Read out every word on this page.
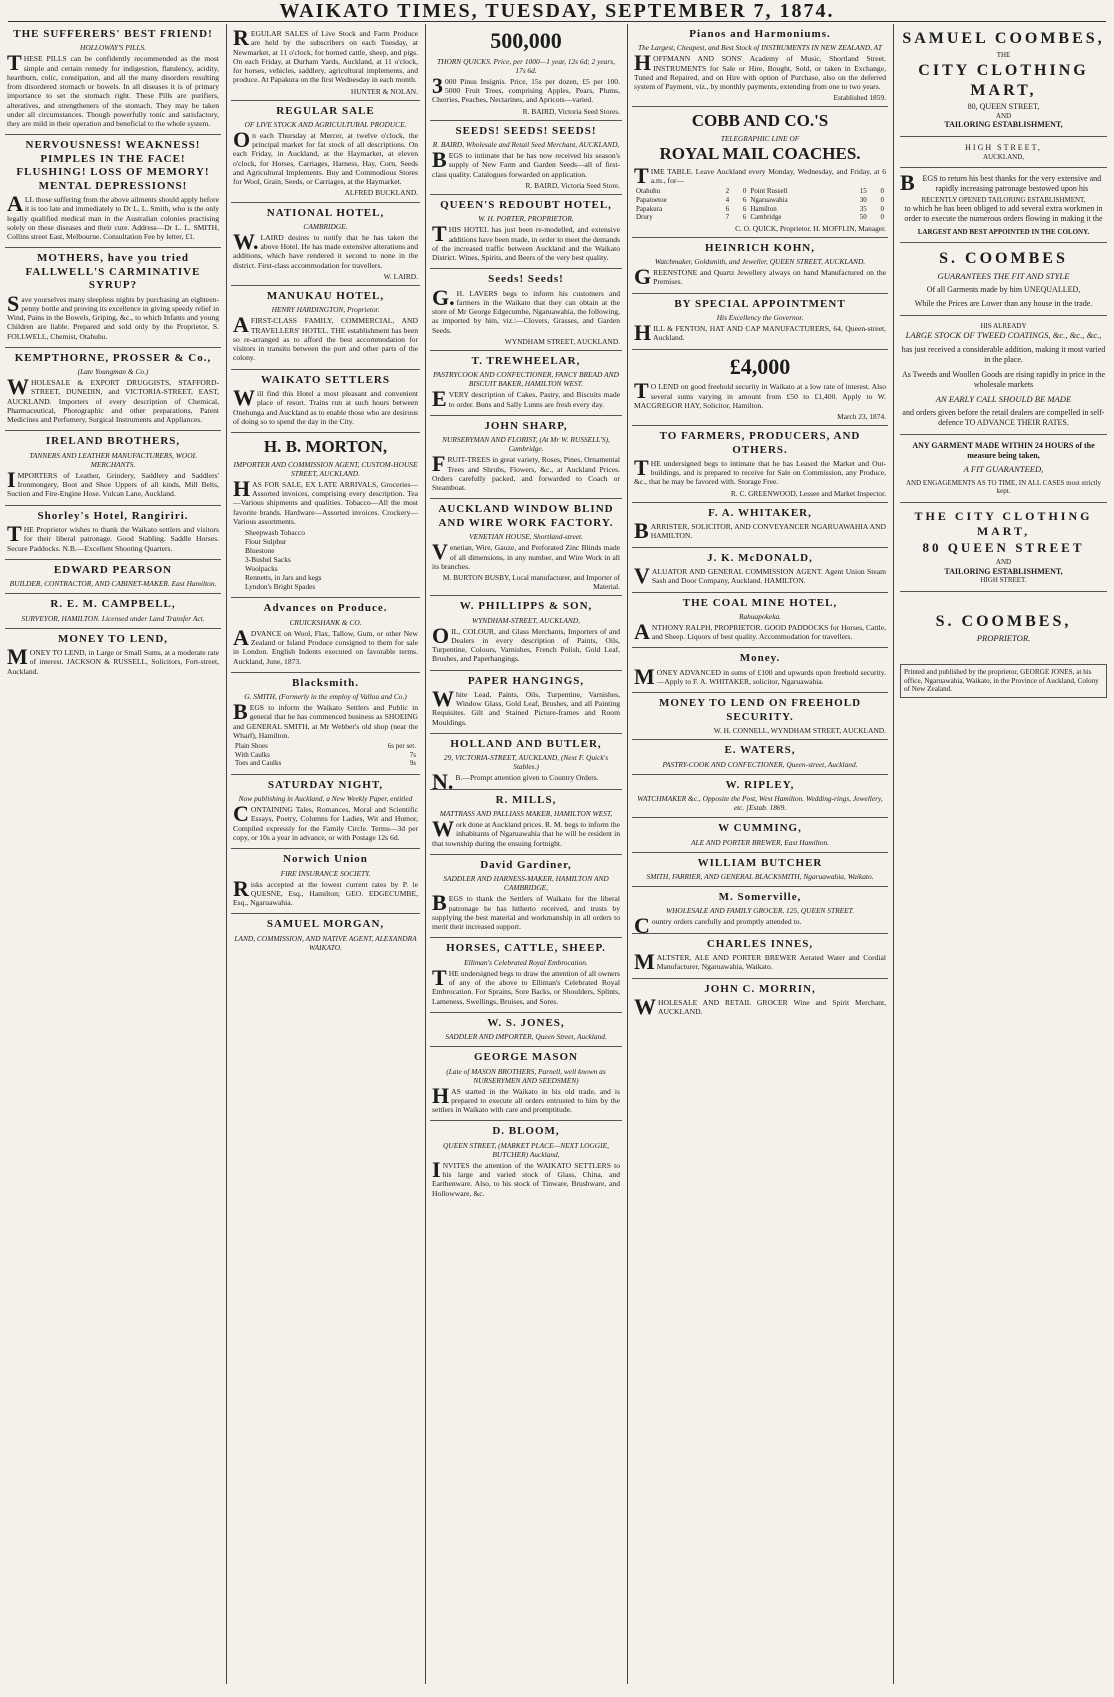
WAIKATO TIMES, TUESDAY, SEPTEMBER 7, 1874.
THE SUFFERERS' BEST FRIEND!
HOLLOWAY'S PILLS.
THESE PILLS can be confidently recommended as the most simple and certain remedy for indigestion, flatulency, acidity, heartburn, colic, constipation, and all the many disorders resulting from disordered stomach or bowels. In all diseases it is of primary importance to set the stomach right. These Pills are purifiers, alteratives, and strengtheners of the stomach. They may be taken under all circumstances. Though powerfully tonic and satisfactory, they are mild in their operation and beneficial to the whole system.
NERVOUSNESS! WEAKNESS! PIMPLES IN THE FACE! FLUSHING! LOSS OF MEMORY! MENTAL DEPRESSIONS!
ALL those suffering from the above ailments should apply before it is too late and immediately to Dr L. L. Smith, who is the only legally qualified medical man in the Australian colonies practising solely on these diseases and their cure. Address—Dr L. L. SMITH, Collins street East, Melbourne. Consultation Fee by letter, £1.
MOTHERS, have you tried FALLWELL'S CARMINATIVE SYRUP?
Save yourselves many sleepless nights by purchasing an eighteen-penny bottle and proving its excellence in giving speedy relief in Wind, Pains in the Bowels, Griping, &c., to which Infants and young Children are liable. Prepared and sold only by the Proprietor, S. FOLLWELL, Chemist, Otahuhu.
KEMPTHORNE, PROSSER & Co.,
(Late Youngman & Co.)
WHOLESALE & EXPORT DRUGGISTS, STAFFORD-STREET, DUNEDIN, and VICTORIA-STREET, EAST, AUCKLAND. Importers of every description of Chemical, Pharmaceutical, Photographic and other preparations, Patent Medicines and Perfumery, Surgical Instruments and Appliances.
IRELAND BROTHERS,
TANNERS AND LEATHER MANUFACTURERS, WOOL MERCHANTS.
IMPORTERS of Leather, Grindery, Saddlery and Saddlers' Ironmongery, Boot and Shoe Uppers of all kinds, Mill Belts, Suction and Fire-Engine Hose. Vulcan Lane, Auckland.
Shorley's Hotel, Rangiriri.
THE Proprietor wishes to thank the Waikato settlers and visitors for their liberal patronage. Good Stabling. Saddle Horses. Secure Paddocks. N.B.—Excellent Shooting Quarters.
EDWARD PEARSON
BUILDER, CONTRACTOR, AND CABINET-MAKER. East Hamilton.
R. E. M. CAMPBELL,
SURVEYOR, HAMILTON. Licensed under Land Transfer Act.
MONEY TO LEND,
MONEY TO LEND, in Large or Small Sums, at a moderate rate of interest. JACKSON & RUSSELL, Solicitors, Fort-street, Auckland.
REGULAR SALES of Live Stock and Farm Produce are held by the subscribers on each Tuesday, at Newmarket, at 11 o'clock, for horned cattle, sheep, and pigs. On each Friday, at Durham Yards, Auckland, at 11 o'clock, for horses, vehicles, saddlery, agricultural implements, and produce. At Papakura on the first Wednesday in each month.
HUNTER & NOLAN.
REGULAR SALE
OF LIVE STOCK AND AGRICULTURAL PRODUCE.
On each Thursday at Mercer, at twelve o'clock, the principal market for fat stock of all descriptions. On each Friday, in Auckland, at the Haymarket, at eleven o'clock, for Horses, Carriages, Harness, Hay, Corn, Seeds and Agricultural Implements. Buy and Commodious Stores for Wool, Grain, Seeds, or Carriages, at the Haymarket.
ALFRED BUCKLAND.
NATIONAL HOTEL,
CAMBRIDGE.
W.LAIRD desires to notify that he has taken the above Hotel. He has made extensive alterations and additions, which have rendered it second to none in the district. First-class accommodation for travellers.
W. LAIRD.
MANUKAU HOTEL,
HENRY HARDINGTON, Proprietor.
AFIRST-CLASS FAMILY, COMMERCIAL, AND TRAVELLERS' HOTEL. THE establishment has been so re-arranged as to afford the best accommodation for visitors in transitu between the port and other parts of the colony.
WAIKATO SETTLERS
Will find this Hotel a most pleasant and convenient place of resort. Trains run at such hours between Onehunga and Auckland as to enable those who are desirous of doing so to spend the day in the City.
H. B. MORTON,
IMPORTER AND COMMISSION AGENT, CUSTOM-HOUSE STREET, AUCKLAND.
HAS FOR SALE, EX LATE ARRIVALS, Groceries—Assorted invoices, comprising every description. Tea—Various shipments and qualities. Tobacco—All the most favorite brands. Hardware—Assorted invoices. Crockery—Various assortments.
Sheepwash Tobacco
Flour Sulphur
Bluestone
3-Bushel Sacks
Woolpacks
Rennetts, in Jars and kegs
Lyndon's Bright Spades
Advances on Produce.
CRUICKSHANK & CO.
ADVANCE on Wool, Flax, Tallow, Gum, or other New Zealand or Island Produce consigned to them for sale in London. English Indents executed on favorable terms. Auckland, June, 1873.
Blacksmith.
G. SMITH, (Formerly in the employ of Vallou and Co.)
BEGS to inform the Waikato Settlers and Public in general that he has commenced business as SHOEING and GENERAL SMITH, at Mr Webber's old shop (near the Wharf), Hamilton.
Plain Shoes	6s per set.
With Caulks	7s
Toes and Caulks	9s
SATURDAY NIGHT,
Now publishing in Auckland, a New Weekly Paper, entitled
CONTAINING Tales, Romances, Moral and Scientific Essays, Poetry, Columns for Ladies, Wit and Humor, Compiled expressly for the Family Circle. Terms—3d per copy, or 10s a year in advance, or with Postage 12s 6d.
Norwich Union
FIRE INSURANCE SOCIETY.
Risks accepted at the lowest current rates by P. le QUESNE, Esq., Hamilton; GEO. EDGECUMBE, Esq., Ngaruawahia.
SAMUEL MORGAN,
LAND, COMMISSION, AND NATIVE AGENT, ALEXANDRA WAIKATO.
500,000
THORN QUICKS. Price, per 1000—1 year, 12s 6d; 2 years, 17s 6d.
3000 Pinus Insignis. Price, 15s per dozen, £5 per 100. 5000 Fruit Trees, comprising Apples, Pears, Plums, Cherries, Peaches, Nectarines, and Apricots—varied.
R. BAIRD, Victoria Seed Stores.
SEEDS! SEEDS! SEEDS!
R. BAIRD, Wholesale and Retail Seed Merchant, AUCKLAND,
BEGS to intimate that he has now received his season's supply of New Farm and Garden Seeds—all of first-class quality. Catalogues forwarded on application.
R. BAIRD, Victoria Seed Store.
QUEEN'S REDOUBT HOTEL,
W. H. PORTER, PROPRIETOR.
THIS HOTEL has just been re-modelled, and extensive additions have been made, in order to meet the demands of the increased traffic between Auckland and the Waikato District. Wines, Spirits, and Beers of the very best quality.
Seeds! Seeds!
G.H. LAVERS begs to inform his customers and farmers in the Waikato that they can obtain at the store of Mr George Edgecumbe, Ngaruawahia, the following, as imported by him, viz.:—Clovers, Grasses, and Garden Seeds.
WYNDHAM STREET, AUCKLAND.
T. TREWHEELAR,
PASTRYCOOK AND CONFECTIONER, FANCY BREAD AND BISCUIT BAKER, HAMILTON WEST.
EVERY description of Cakes, Pastry, and Biscuits made to order. Buns and Sally Lunns are fresh every day.
JOHN SHARP,
NURSERYMAN AND FLORIST, (At Mr W. RUSSELL'S), Cambridge.
FRUIT-TREES in great variety, Roses, Pines, Ornamental Trees and Shrubs, Flowers, &c., at Auckland Prices. Orders carefully packed, and forwarded to Coach or Steamboat.
AUCKLAND WINDOW BLIND AND WIRE WORK FACTORY.
VENETIAN HOUSE, Shortland-street.
Venetian, Wire, Gauze, and Perforated Zinc Blinds made of all dimensions, in any number, and Wire Work in all its branches.
M. BURTON BUSBY, Local manufacturer, and Importer of Material.
W. PHILLIPPS & SON,
WYNDHAM-STREET, AUCKLAND,
OIL, COLOUR, and Glass Merchants, Importers of and Dealers in every description of Paints, Oils, Turpentine, Colours, Varnishes, French Polish, Gold Leaf, Brushes, and Paperhangings.
PAPER HANGINGS,
White Lead, Paints, Oils, Turpentine, Varnishes, Window Glass, Gold Leaf, Brushes, and all Painting Requisites. Gilt and Stained Picture-frames and Room Mouldings.
HOLLAND AND BUTLER,
29, VICTORIA-STREET, AUCKLAND, (Next F. Quick's Stables.)
N.B.—Prompt attention given to Country Orders.
R. MILLS,
MATTRASS AND PALLIASS MAKER, HAMILTON WEST,
Work done at Auckland prices. R. M. begs to inform the inhabitants of Ngaruawahia that he will be resident in that township during the ensuing fortnight.
David Gardiner,
SADDLER AND HARNESS-MAKER, HAMILTON AND CAMBRIDGE,
BEGS to thank the Settlers of Waikato for the liberal patronage he has hitherto received, and trusts by supplying the best material and workmanship in all orders to merit their increased support.
HORSES, CATTLE, SHEEP.
Elliman's Celebrated Royal Embrocation.
THE undersigned begs to draw the attention of all owners of any of the above to Elliman's Celebrated Royal Embrocation. For Sprains, Sore Backs, or Shoulders, Splints, Lameness, Swellings, Bruises, and Sores.
W. S. JONES,
SADDLER AND IMPORTER, Queen Street, Auckland.
GEORGE MASON
(Late of MASON BROTHERS, Parnell, well known as NURSERYMEN AND SEEDSMEN)
HAS started in the Waikato in his old trade, and is prepared to execute all orders entrusted to him by the settlers in Waikato with care and promptitude.
D. BLOOM,
QUEEN STREET, (MARKET PLACE—NEXT LOGGIE, BUTCHER) Auckland,
INVITES the attention of the WAIKATO SETTLERS to his large and varied stock of Glass, China, and Earthenware. Also, to his stock of Tinware, Brushware, and Hollowware, &c.
Pianos and Harmoniums.
The Largest, Cheapest, and Best Stock of INSTRUMENTS IN NEW ZEALAND, AT
HOFFMANN AND SONS' Academy of Music, Shortland Street. INSTRUMENTS for Sale or Hire, Bought, Sold, or taken in Exchange, Tuned and Repaired, and on Hire with option of Purchase, also on the deferred system of Payment, viz., by monthly payments, extending from one to two years.
Established 1859.
COBB AND CO.'S
TELEGRAPHIC LINE OF
ROYAL MAIL COACHES.
TIME TABLE. Leave Auckland every Monday, Wednesday, and Friday, at 6 a.m., for—
Otahuhu	2	0	Point Russell	15	0
Papatoetoe	4	6	Ngaruawahia	30	0
Papakura	6	6	Hamilton	35	0
Drury	7	6	Cambridge	50	0
C. O. QUICK, Proprietor. H. MOFFLIN, Manager.
HEINRICH KOHN,
Watchmaker, Goldsmith, and Jeweller, QUEEN STREET, AUCKLAND.
GREENSTONE and Quartz Jewellery always on hand Manufactured on the Premises.
BY SPECIAL APPOINTMENT
His Excellency the Governor.
HILL & FENTON, HAT AND CAP MANUFACTURERS, 64, Queen-street, Auckland.
£4,000
TO LEND on good freehold security in Waikato at a low rate of interest. Also several sums varying in amount from £50 to £1,400. Apply to W. MACGREGOR HAY, Solicitor, Hamilton.
March 23, 1874.
TO FARMERS, PRODUCERS, AND OTHERS.
THE undersigned begs to intimate that he has Leased the Market and Out-buildings, and is prepared to receive for Sale on Commission, any Produce, &c., that he may be favored with. Storage Free.
R. C. GREENWOOD, Lessee and Market Inspector.
F. A. WHITAKER,
BARRISTER, SOLICITOR, AND CONVEYANCER NGARUAWAHIA AND HAMILTON.
J. K. McDONALD,
VALUATOR AND GENERAL COMMISSION AGENT. Agent Union Steam Sash and Door Company, Auckland. HAMILTON.
THE COAL MINE HOTEL,
Rahuapokeka.
ANTHONY RALPH, PROPRIETOR. GOOD PADDOCKS for Horses, Cattle, and Sheep. Liquors of best quality. Accommodation for travellers.
Money.
MONEY ADVANCED in sums of £100 and upwards upon freehold security.—Apply to F. A. WHITAKER, solicitor, Ngaruawahia.
MONEY TO LEND ON FREEHOLD SECURITY.
W. H. CONNELL, WYNDHAM STREET, AUCKLAND.
E. WATERS,
PASTRY-COOK AND CONFECTIONER, Queen-street, Auckland.
W. RIPLEY,
WATCHMAKER &c., Opposite the Post, West Hamilton. Wedding-rings, Jewellery, etc. [Estab. 1869.
W CUMMING,
ALE AND PORTER BREWER, East Hamilton.
WILLIAM BUTCHER
SMITH, FARRIER, AND GENERAL BLACKSMITH, Ngaruawahia, Waikato.
M. Somerville,
WHOLESALE AND FAMILY GROCER, 125, QUEEN STREET.
Country orders carefully and promptly attended to.
CHARLES INNES,
MALTSTER, ALE AND PORTER BREWER Aerated Water and Cordial Manufacturer, Ngaruawahia, Waikato.
JOHN C. MORRIN,
WHOLESALE AND RETAIL GROCER Wine and Spirit Merchant, AUCKLAND.
SAMUEL COOMBES,
THE
CITY CLOTHING MART,
80, QUEEN STREET,
AND
TAILORING ESTABLISHMENT,
HIGH STREET,
AUCKLAND,
BEGS to return his best thanks for the very extensive and rapidly increasing patronage bestowed upon his
RECENTLY OPENED TAILORING ESTABLISHMENT,
to which he has been obliged to add several extra workmen in order to execute the numerous orders flowing in making it the
LARGEST AND BEST APPOINTED IN THE COLONY.
S. COOMBES
GUARANTEES THE FIT AND STYLE
Of all Garments made by him UNEQUALLED,
While the Prices are Lower than any house in the trade.
HIS ALREADY
LARGE STOCK OF TWEED COATINGS, &c., &c., &c.,
has just received a considerable addition, making it most varied in the place.
As Tweeds and Woollen Goods are rising rapidly in price in the wholesale markets
AN EARLY CALL SHOULD BE MADE
and orders given before the retail dealers are compelled in self-defence TO ADVANCE THEIR RATES.
ANY GARMENT MADE WITHIN 24 HOURS of the measure being taken,
A FIT GUARANTEED,
AND ENGAGEMENTS AS TO TIME, IN ALL CASES most strictly kept.
THE CITY CLOTHING MART,
80 QUEEN STREET
AND
TAILORING ESTABLISHMENT,
HIGH STREET.
S. COOMBES,
PROPRIETOR.
Printed and published by the proprietor, GEORGE JONES, at his office, Ngaruawahia, Waikato, in the Province of Auckland, Colony of New Zealand.
